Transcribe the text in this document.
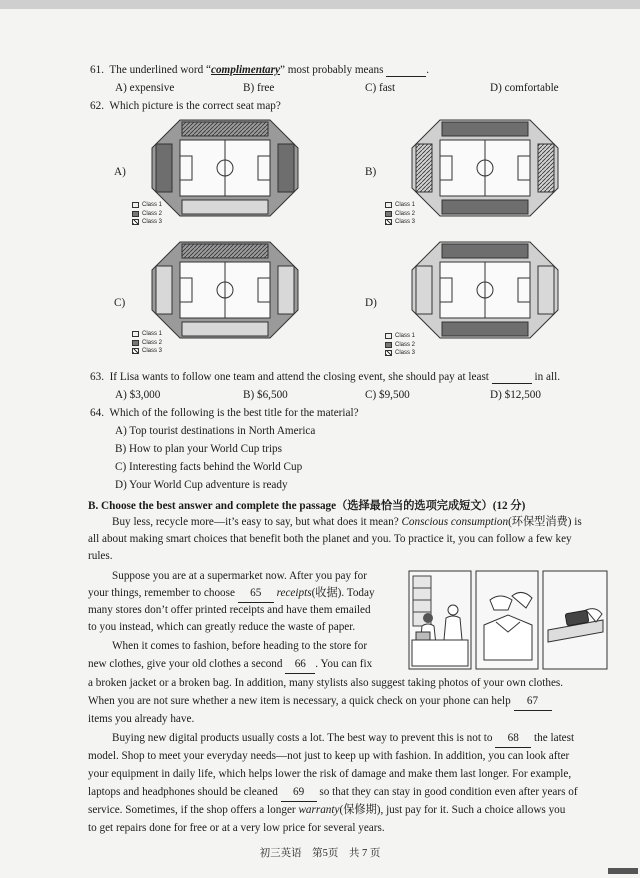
61. The underlined word “complimentary” most probably means	.
A) expensive	B) free	C) fast	D) comfortable
62. Which picture is the correct seat map?
A)	B)
C)	D)
Class 1
Class 2
Class 3
Class 1
Class 2
Class 3
Class 1
Class 2
Class 3
Class 1
Class 2
Class 3
63. If Lisa wants to follow one team and attend the closing event, she should pay at least	in all.
A) $3,000	B) $6,500	C) $9,500	D) $12,500
64. Which of the following is the best title for the material?
A) Top tourist destinations in North America
B) How to plan your World Cup trips
C) Interesting facts behind the World Cup
D) Your World Cup adventure is ready
B. Choose the best answer and complete the passage（选择最恰当的选项完成短文）(12 分)
Buy less, recycle more—it’s easy to say, but what does it mean? Conscious consumption(环保型消费) is
all about making smart choices that benefit both the planet and you. To practice it, you can follow a few key
rules.
Suppose you are at a supermarket now. After you pay for
your things, remember to choose 65 receipts(收据). Today
many stores don’t offer printed receipts and have them emailed
to you instead, which can greatly reduce the waste of paper.
When it comes to fashion, before heading to the store for
new clothes, give your old clothes a second 66 . You can fix
a broken jacket or a broken bag. In addition, many stylists also suggest taking photos of your own clothes.
When you are not sure whether a new item is necessary, a quick check on your phone can help 67
items you already have.
Buying new digital products usually costs a lot. The best way to prevent this is not to 68 the latest
model. Shop to meet your everyday needs—not just to keep up with fashion. In addition, you can look after
your equipment in daily life, which helps lower the risk of damage and make them last longer. For example,
laptops and headphones should be cleaned 69 so that they can stay in good condition even after years of
service. Sometimes, if the shop offers a longer warranty(保修期), just pay for it. Such a choice allows you
to get repairs done for free or at a very low price for several years.
初三英语　第5页　共 7 页
